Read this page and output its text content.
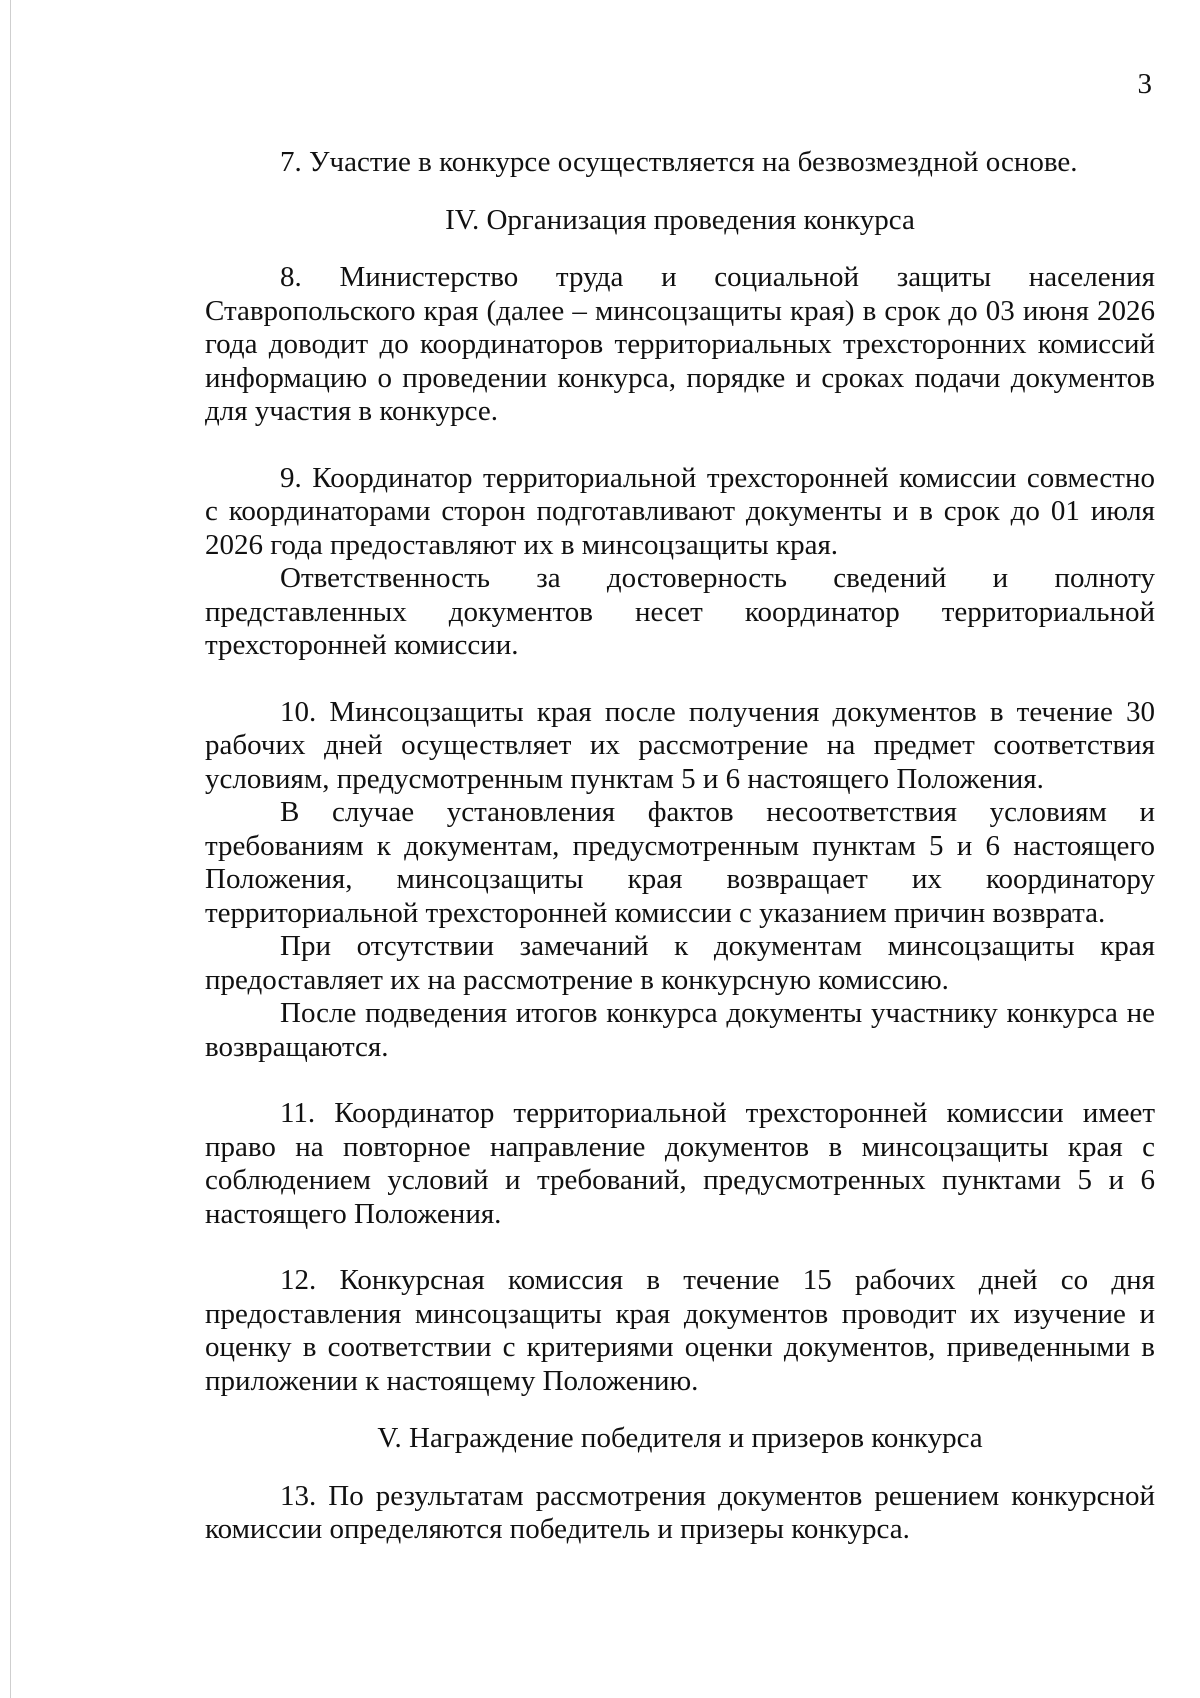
3

7. Участие в конкурсе осуществляется на безвозмездной основе.

IV. Организация проведения конкурса

8. Министерство труда и социальной защиты населения Ставропольского края (далее – минсоцзащиты края) в срок до 03 июня 2026 года доводит до координаторов территориальных трехсторонних комиссий информацию о проведении конкурса, порядке и сроках подачи документов для участия в конкурсе.

9. Координатор территориальной трехсторонней комиссии совместно с координаторами сторон подготавливают документы и в срок до 01 июля 2026 года предоставляют их в минсоцзащиты края.

Ответственность за достоверность сведений и полноту представленных документов несет координатор территориальной трехсторонней комиссии.

10. Минсоцзащиты края после получения документов в течение 30 рабочих дней осуществляет их рассмотрение на предмет соответствия условиям, предусмотренным пунктам 5 и 6 настоящего Положения.

В случае установления фактов несоответствия условиям и требованиям к документам, предусмотренным пунктам 5 и 6 настоящего Положения, минсоцзащиты края возвращает их координатору территориальной трехсторонней комиссии с указанием причин возврата.

При отсутствии замечаний к документам минсоцзащиты края предоставляет их на рассмотрение в конкурсную комиссию.

После подведения итогов конкурса документы участнику конкурса не возвращаются.

11. Координатор территориальной трехсторонней комиссии имеет право на повторное направление документов в минсоцзащиты края с соблюдением условий и требований, предусмотренных пунктами 5 и 6 настоящего Положения.

12. Конкурсная комиссия в течение 15 рабочих дней со дня предоставления минсоцзащиты края документов проводит их изучение и оценку в соответствии с критериями оценки документов, приведенными в приложении к настоящему Положению.

V. Награждение победителя и призеров конкурса

13. По результатам рассмотрения документов решением конкурсной комиссии определяются победитель и призеры конкурса.
